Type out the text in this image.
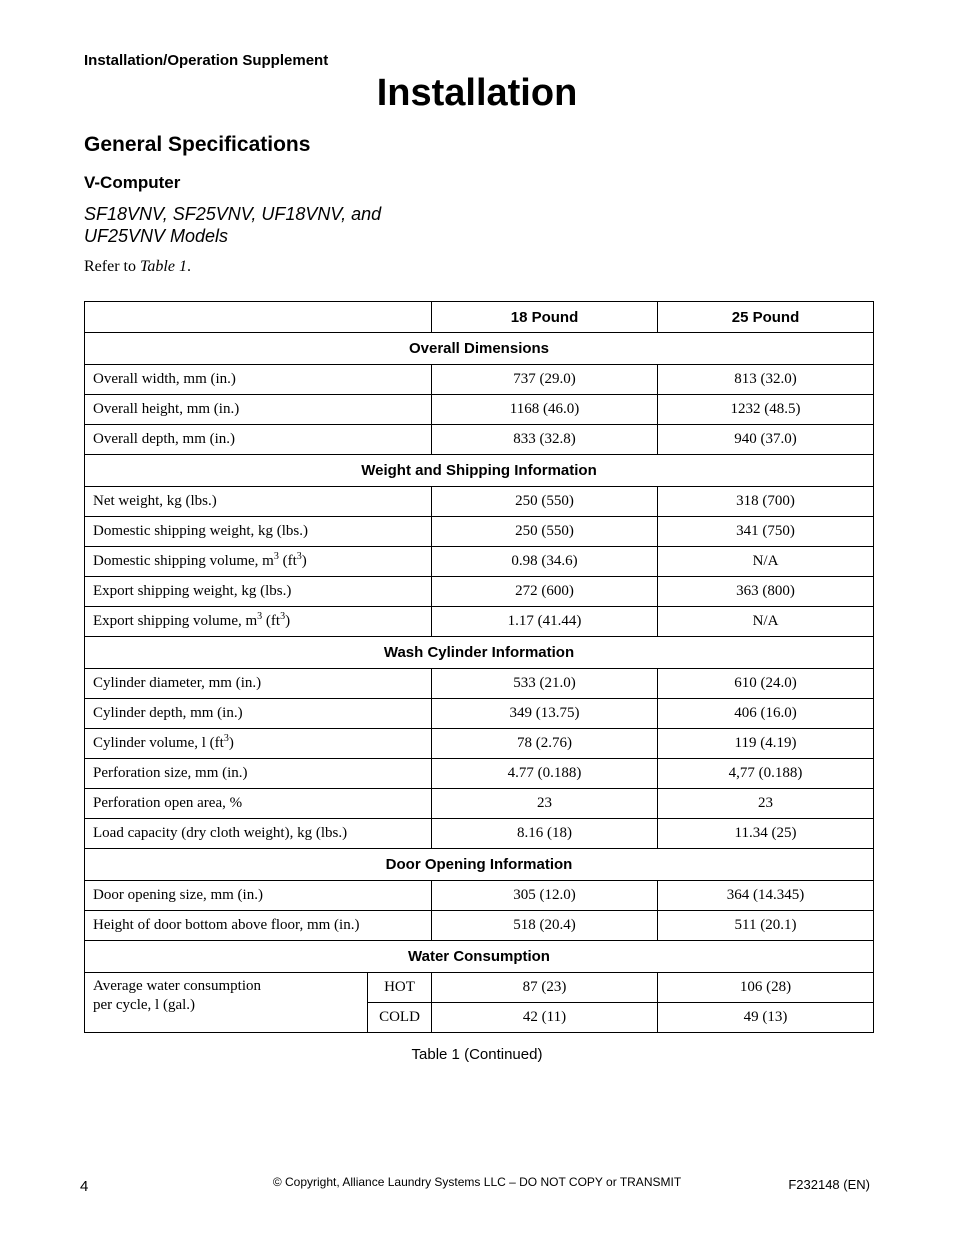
Installation/Operation Supplement
Installation
General Specifications
V-Computer
SF18VNV, SF25VNV, UF18VNV, and
UF25VNV Models
Refer to Table 1.
		18 Pound	25 Pound
Overall Dimensions			
Overall width, mm (in.)		737 (29.0)	813 (32.0)
Overall height, mm (in.)		1168 (46.0)	1232 (48.5)
Overall depth, mm (in.)		833 (32.8)	940 (37.0)
Weight and Shipping Information			
Net weight, kg (lbs.)		250 (550)	318 (700)
Domestic shipping weight, kg (lbs.)		250 (550)	341 (750)
Domestic shipping volume, $m^3$ $(ft^3)$		0.98 (34.6)	N/A
Export shipping weight, kg (lbs.)		272 (600)	363 (800)
Export shipping volume, $m^3$ $(ft^3)$		1.17 (41.44)	N/A
Wash Cylinder Information			
Cylinder diameter, mm (in.)		533 (21.0)	610 (24.0)
Cylinder depth, mm (in.)		349 (13.75)	406 (16.0)
Cylinder volume, l $(ft^3)$		78 (2.76)	119 (4.19)
Perforation size, mm (in.)		4.77 (0.188)	4,77 (0.188)
Perforation open area, %		23	23
Load capacity (dry cloth weight), kg (lbs.)		8.16 (18)	11.34 (25)
Door Opening Information			
Door opening size, mm (in.)		305 (12.0)	364 (14.345)
Height of door bottom above floor, mm (in.)		518 (20.4)	511 (20.1)
Water Consumption			
Average water consumption
per cycle, l (gal.)	HOT	87 (23)	106 (28)
	COLD	42 (11)	49 (13)
Table 1 (Continued)
4	© Copyright, Alliance Laundry Systems LLC – DO NOT COPY or TRANSMIT	F232148 (EN)
